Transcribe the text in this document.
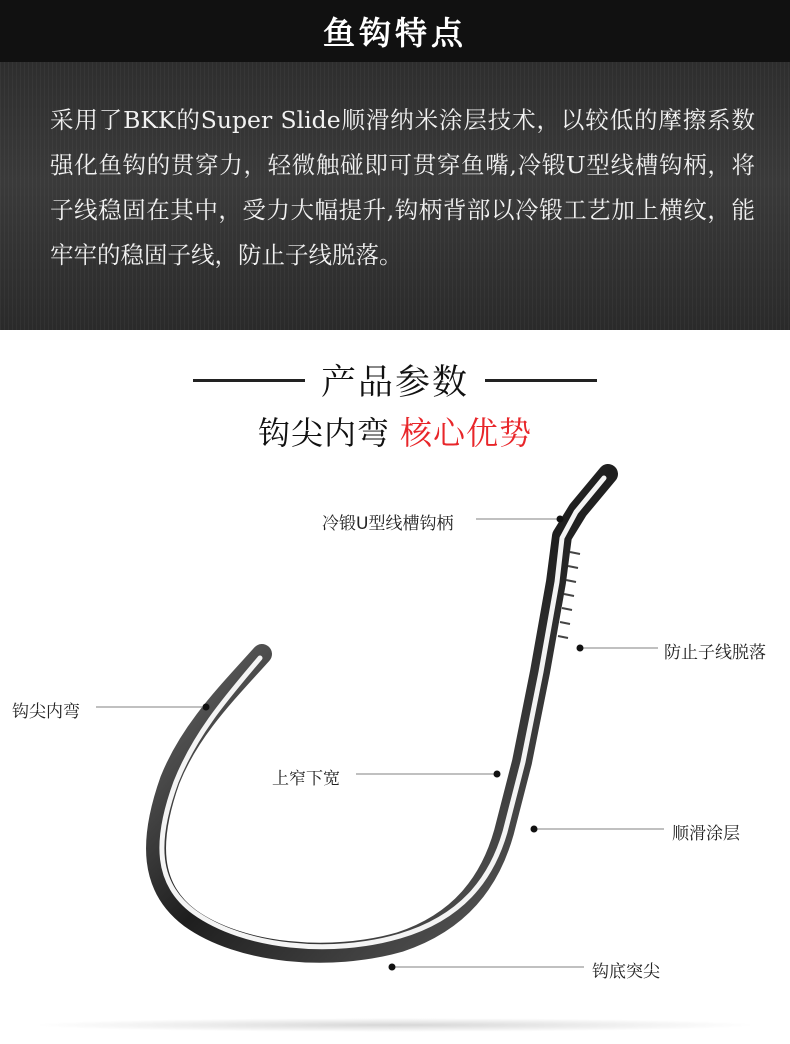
鱼钩特点

采用了BKK的Super Slide顺滑纳米涂层技术，以较低的摩擦系数强化鱼钩的贯穿力，轻微触碰即可贯穿鱼嘴,冷锻U型线槽钩柄，将子线稳固在其中，受力大幅提升,钩柄背部以冷锻工艺加上横纹，能牢牢的稳固子线，防止子线脱落。

产品参数
钩尖内弯 核心优势
冷锻U型线槽钩柄
防止子线脱落
钩尖内弯
上窄下宽
顺滑涂层
钩底突尖
